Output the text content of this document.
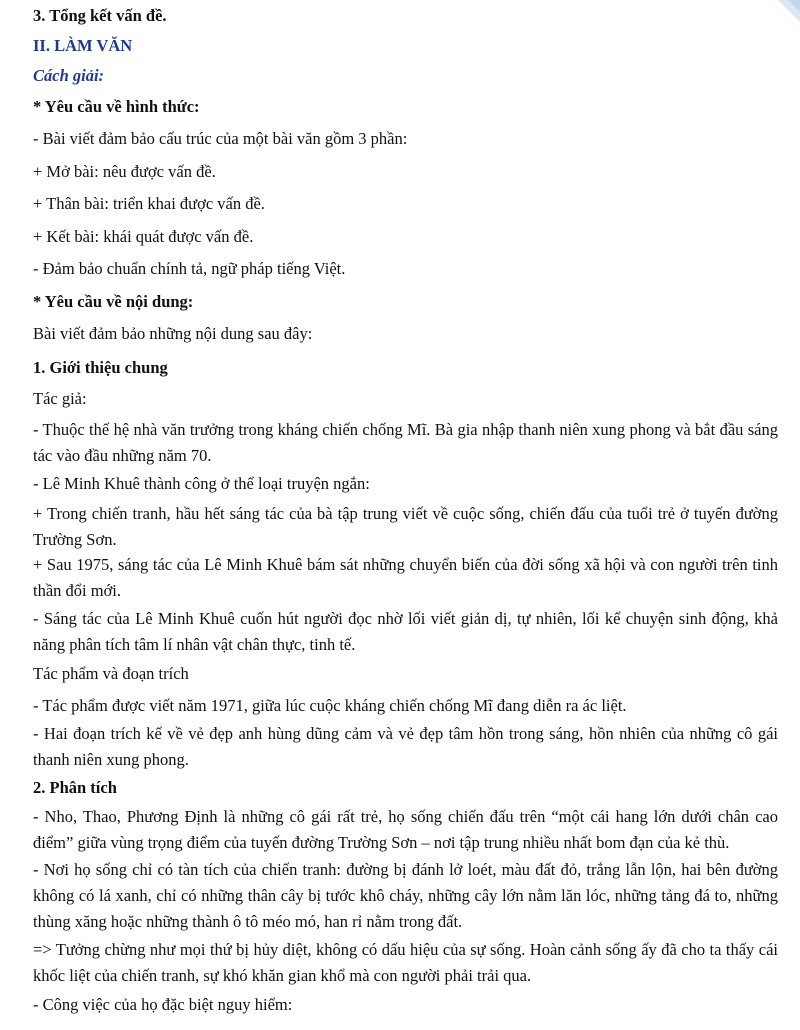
3. Tổng kết vấn đề.
II. LÀM VĂN
Cách giải:
* Yêu cầu về hình thức:
- Bài viết đảm bảo cấu trúc của một bài văn gồm 3 phần:
+ Mở bài: nêu được vấn đề.
+ Thân bài: triển khai được vấn đề.
+ Kết bài: khái quát được vấn đề.
- Đảm bảo chuẩn chính tả, ngữ pháp tiếng Việt.
* Yêu cầu về nội dung:
Bài viết đảm bảo những nội dung sau đây:
1. Giới thiệu chung
Tác giả:
- Thuộc thế hệ nhà văn trưởng trong kháng chiến chống Mĩ. Bà gia nhập thanh niên xung phong và bắt đầu sáng tác vào đầu những năm 70.
- Lê Minh Khuê thành công ở thể loại truyện ngắn:
+ Trong chiến tranh, hầu hết sáng tác của bà tập trung viết về cuộc sống, chiến đấu của tuổi trẻ ở tuyến đường Trường Sơn.
+ Sau 1975, sáng tác của Lê Minh Khuê bám sát những chuyển biến của đời sống xã hội và con người trên tinh thần đổi mới.
- Sáng tác của Lê Minh Khuê cuốn hút người đọc nhờ lối viết giản dị, tự nhiên, lối kể chuyện sinh động, khả năng phân tích tâm lí nhân vật chân thực, tinh tế.
Tác phẩm và đoạn trích
- Tác phẩm được viết năm 1971, giữa lúc cuộc kháng chiến chống Mĩ đang diễn ra ác liệt.
- Hai đoạn trích kể về vẻ đẹp anh hùng dũng cảm và vẻ đẹp tâm hồn trong sáng, hồn nhiên của những cô gái thanh niên xung phong.
2. Phân tích
- Nho, Thao, Phương Định là những cô gái rất trẻ, họ sống chiến đấu trên “một cái hang lớn dưới chân cao điểm” giữa vùng trọng điểm của tuyến đường Trường Sơn – nơi tập trung nhiều nhất bom đạn của kẻ thù.
- Nơi họ sống chỉ có tàn tích của chiến tranh: đường bị đánh lở loét, màu đất đỏ, trắng lẫn lộn, hai bên đường không có lá xanh, chỉ có những thân cây bị tước khô cháy, những cây lớn nằm lăn lóc, những tảng đá to, những thùng xăng hoặc những thành ô tô méo mó, han rỉ nằm trong đất.
=> Tưởng chừng như mọi thứ bị hủy diệt, không có dấu hiệu của sự sống. Hoàn cảnh sống ấy đã cho ta thấy cái khốc liệt của chiến tranh, sự khó khăn gian khổ mà con người phải trải qua.
- Công việc của họ đặc biệt nguy hiểm:
